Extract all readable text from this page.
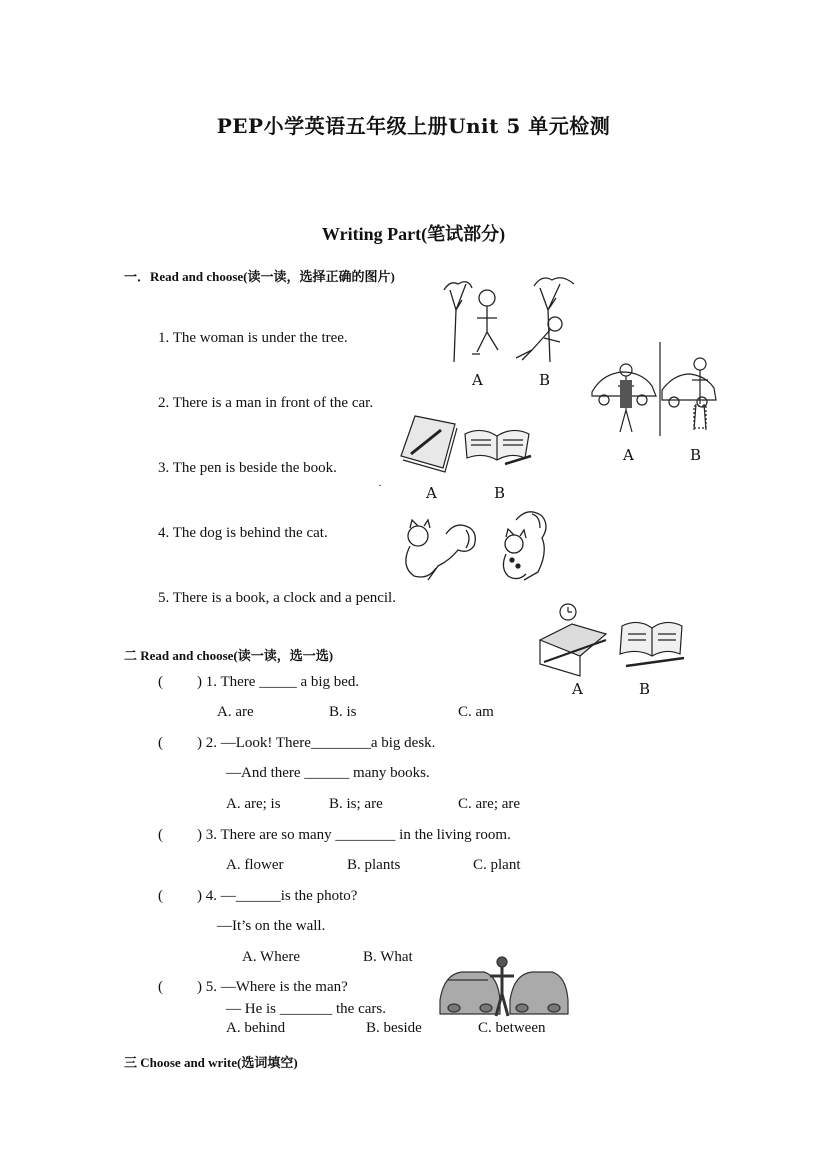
PEP小学英语五年级上册Unit 5 单元检测
Writing Part(笔试部分)
一．Read and choose(读一读，选择正确的图片)
1. The woman is under the tree.
2. There is a man in front of the car.
3. The pen is beside the book.
4. The dog is behind the cat.
5. There is a book, a clock and a pencil.
A	B
A	B
·	A	B
A	B
二 Read and choose(读一读，选一选)
( ) 1. There _____ a big bed.
A. are	B. is	C. am
( ) 2. —Look! There________a big desk.
—And there ______ many books.
A. are; is	B. is; are	C. are; are
( ) 3. There are so many ________ in the living room.
A. flower	B. plants	C. plant
( ) 4. —______is the photo?
—It’s on the wall.
A. Where	B. What
( ) 5. —Where is the man?
— He is _______ the cars.
A. behind	B. beside	C. between
三 Choose and write(选词填空)
